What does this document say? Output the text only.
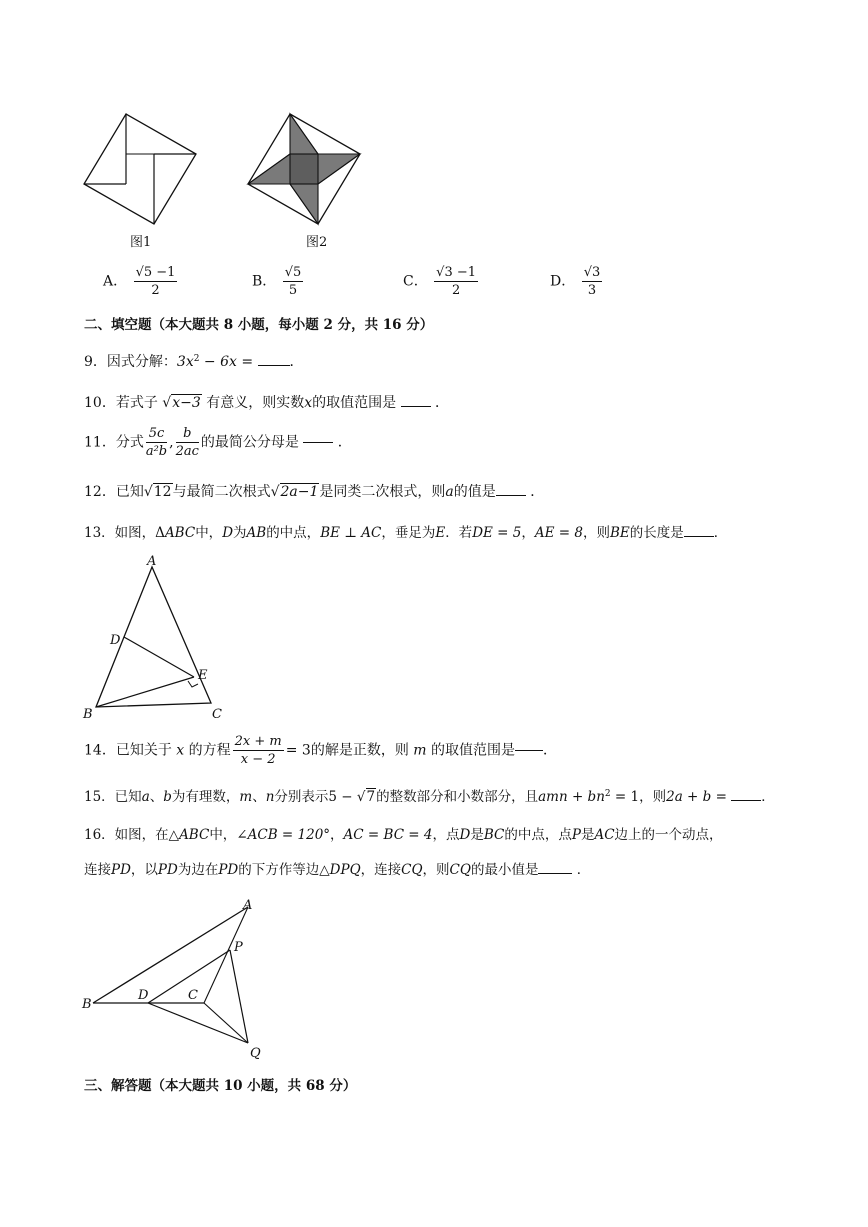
图1	图2
A． $\frac{√5 -1}{2}$	B． $\frac{√5}{5}$	C． $\frac{√3 -1}{2}$	D． $\frac{√3}{3}$
二、填空题（本大题共 8 小题，每小题 2 分，共 16 分）
9．因式分解：$3x^2 - 6x$ = ．
10．若式子 √x−3 有意义，则实数x的取值范围是	．
11．分式 $\frac{5c}{\text{a²b}}$ , $\frac{b}{2ac}$ 的最简公分母是	．
12．已知√12与最简二次根式√2a−1是同类二次根式，则a的值是 ．
13．如图，ΔABC中，D为AB的中点，BE ⊥ AC，垂足为E．若DE = 5，AE = 8，则BE的长度是 ．
A
D
E
B	C
14．已知关于 x 的方程 $\frac{2x + m}{x - 2} = 3$的解是正数，则 m 的取值范围是 ．
15．已知a、b为有理数，m、n分别表示5 − √7的整数部分和小数部分，且amn + $bn^2 = 1$，则2a + b = ．
16．如图，在△ABC中，∠ACB = 120°，AC = BC = 4，点D是BC的中点，点P是AC边上的一个动点，
连接PD，以PD为边在PD的下方作等边△DPQ，连接CQ，则CQ的最小值是	．
A
P
B
D	C
Q
三、解答题（本大题共 10 小题，共 68 分）
